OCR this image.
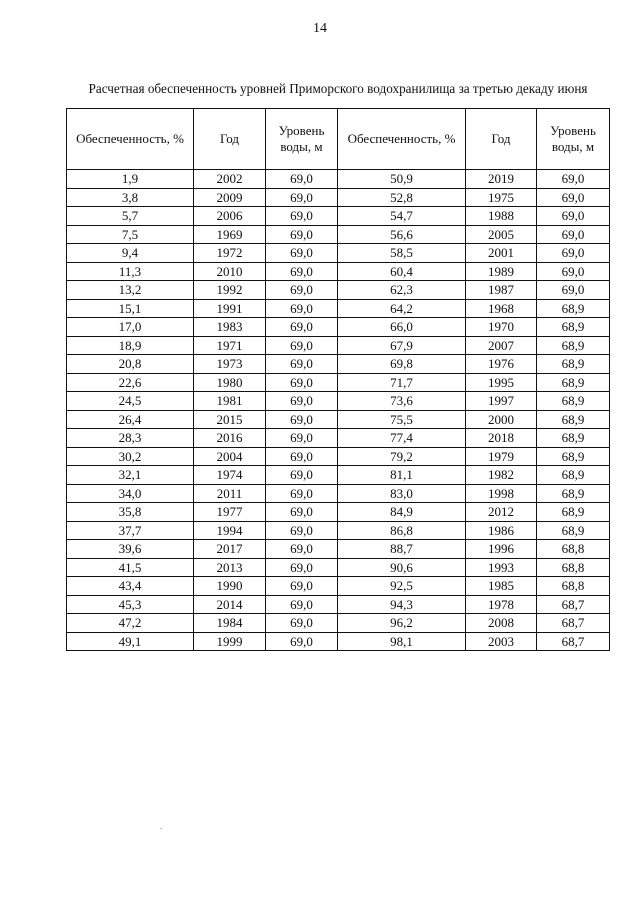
14
Расчетная обеспеченность уровней Приморского водохранилища за третью декаду июня
Обеспеченность, %	Год	Уровень воды, м	Обеспеченность, %	Год	Уровень воды, м
1,9	2002	69,0	50,9	2019	69,0
3,8	2009	69,0	52,8	1975	69,0
5,7	2006	69,0	54,7	1988	69,0
7,5	1969	69,0	56,6	2005	69,0
9,4	1972	69,0	58,5	2001	69,0
11,3	2010	69,0	60,4	1989	69,0
13,2	1992	69,0	62,3	1987	69,0
15,1	1991	69,0	64,2	1968	68,9
17,0	1983	69,0	66,0	1970	68,9
18,9	1971	69,0	67,9	2007	68,9
20,8	1973	69,0	69,8	1976	68,9
22,6	1980	69,0	71,7	1995	68,9
24,5	1981	69,0	73,6	1997	68,9
26,4	2015	69,0	75,5	2000	68,9
28,3	2016	69,0	77,4	2018	68,9
30,2	2004	69,0	79,2	1979	68,9
32,1	1974	69,0	81,1	1982	68,9
34,0	2011	69,0	83,0	1998	68,9
35,8	1977	69,0	84,9	2012	68,9
37,7	1994	69,0	86,8	1986	68,9
39,6	2017	69,0	88,7	1996	68,8
41,5	2013	69,0	90,6	1993	68,8
43,4	1990	69,0	92,5	1985	68,8
45,3	2014	69,0	94,3	1978	68,7
47,2	1984	69,0	96,2	2008	68,7
49,1	1999	69,0	98,1	2003	68,7
